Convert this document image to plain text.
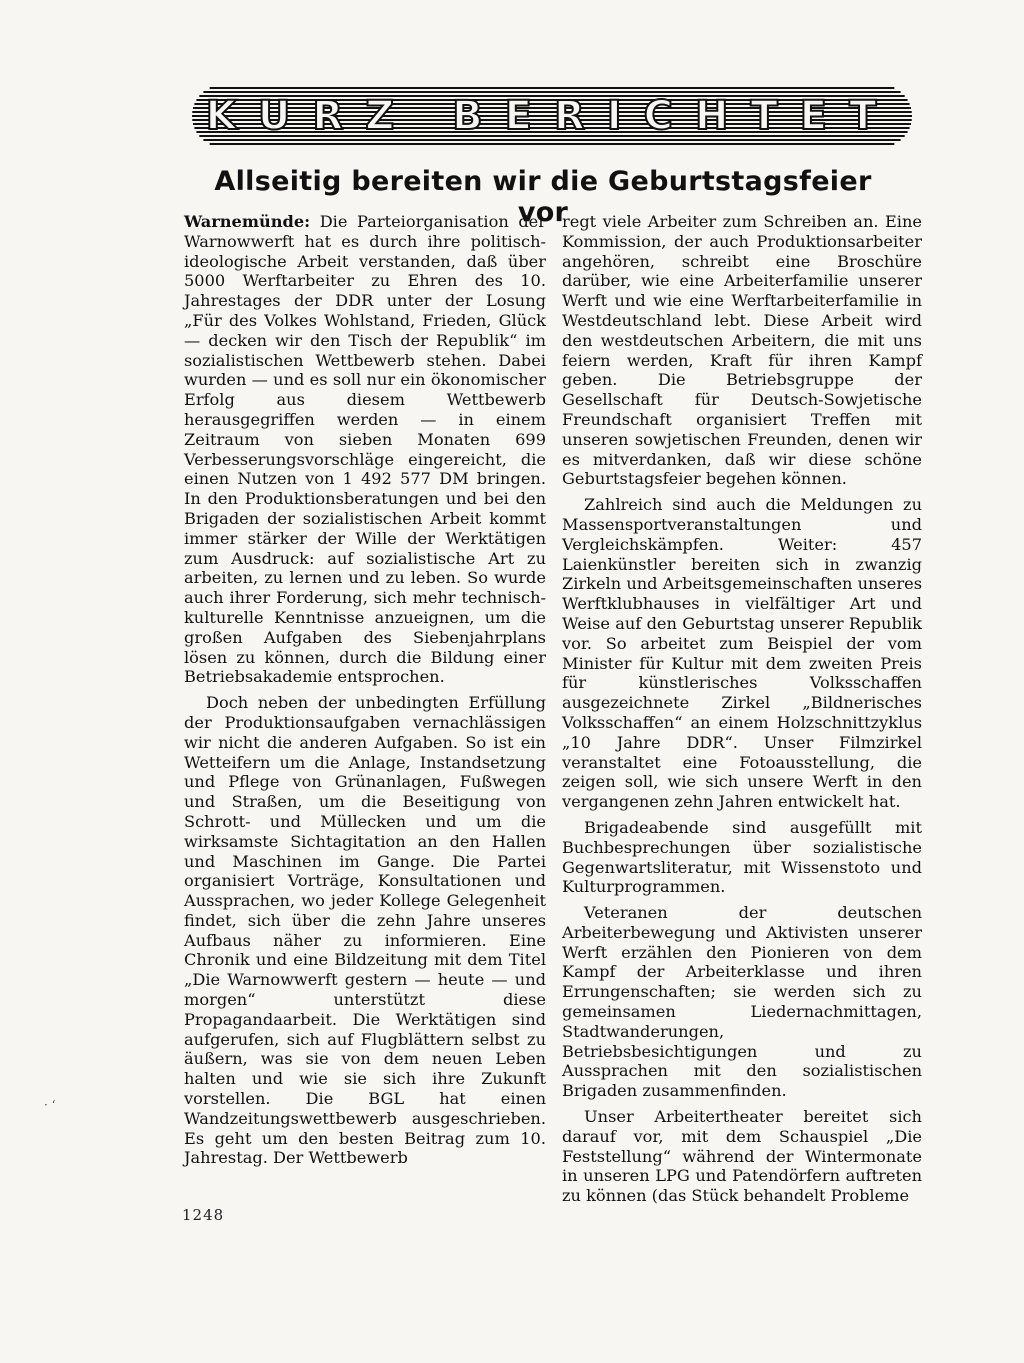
KURZ BERICHTET
Allseitig bereiten wir die Geburtstagsfeier vor

Warnemünde: Die Parteiorganisation der Warnowwerft hat es durch ihre politisch-ideologische Arbeit verstanden, daß über 5000 Werftarbeiter zu Ehren des 10. Jahrestages der DDR unter der Losung „Für des Volkes Wohlstand, Frieden, Glück — decken wir den Tisch der Republik“ im sozialistischen Wettbewerb stehen. Dabei wurden — und es soll nur ein ökonomischer Erfolg aus diesem Wettbewerb herausgegriffen werden — in einem Zeitraum von sieben Monaten 699 Verbesserungsvorschläge eingereicht, die einen Nutzen von 1 492 577 DM bringen. In den Produktionsberatungen und bei den Brigaden der sozialistischen Arbeit kommt immer stärker der Wille der Werktätigen zum Ausdruck: auf sozialistische Art zu arbeiten, zu lernen und zu leben. So wurde auch ihrer Forderung, sich mehr technisch-kulturelle Kenntnisse anzueignen, um die großen Aufgaben des Siebenjahrplans lösen zu können, durch die Bildung einer Betriebsakademie entsprochen.

Doch neben der unbedingten Erfüllung der Produktionsaufgaben vernachlässigen wir nicht die anderen Aufgaben. So ist ein Wetteifern um die Anlage, Instandsetzung und Pflege von Grünanlagen, Fußwegen und Straßen, um die Beseitigung von Schrott- und Müllecken und um die wirksamste Sichtagitation an den Hallen und Maschinen im Gange. Die Partei organisiert Vorträge, Konsultationen und Aussprachen, wo jeder Kollege Gelegenheit findet, sich über die zehn Jahre unseres Aufbaus näher zu informieren. Eine Chronik und eine Bildzeitung mit dem Titel „Die Warnowwerft gestern — heute — und morgen“ unterstützt diese Propagandaarbeit. Die Werktätigen sind aufgerufen, sich auf Flugblättern selbst zu äußern, was sie von dem neuen Leben halten und wie sie sich ihre Zukunft vorstellen. Die BGL hat einen Wandzeitungswettbewerb ausgeschrieben. Es geht um den besten Beitrag zum 10. Jahrestag. Der Wettbewerb

regt viele Arbeiter zum Schreiben an. Eine Kommission, der auch Produktionsarbeiter angehören, schreibt eine Broschüre darüber, wie eine Arbeiterfamilie unserer Werft und wie eine Werftarbeiterfamilie in Westdeutschland lebt. Diese Arbeit wird den westdeutschen Arbeitern, die mit uns feiern werden, Kraft für ihren Kampf geben. Die Betriebsgruppe der Gesellschaft für Deutsch-Sowjetische Freundschaft organisiert Treffen mit unseren sowjetischen Freunden, denen wir es mitverdanken, daß wir diese schöne Geburtstagsfeier begehen können.

Zahlreich sind auch die Meldungen zu Massensportveranstaltungen und Vergleichskämpfen. Weiter: 457 Laienkünstler bereiten sich in zwanzig Zirkeln und Arbeitsgemeinschaften unseres Werftklubhauses in vielfältiger Art und Weise auf den Geburtstag unserer Republik vor. So arbeitet zum Beispiel der vom Minister für Kultur mit dem zweiten Preis für künstlerisches Volksschaffen ausgezeichnete Zirkel „Bildnerisches Volksschaffen“ an einem Holzschnittzyklus „10 Jahre DDR“. Unser Filmzirkel veranstaltet eine Fotoausstellung, die zeigen soll, wie sich unsere Werft in den vergangenen zehn Jahren entwickelt hat.

Brigadeabende sind ausgefüllt mit Buchbesprechungen über sozialistische Gegenwartsliteratur, mit Wissenstoto und Kulturprogrammen.

Veteranen der deutschen Arbeiterbewegung und Aktivisten unserer Werft erzählen den Pionieren von dem Kampf der Arbeiterklasse und ihren Errungenschaften; sie werden sich zu gemeinsamen Liedernachmittagen, Stadtwanderungen, Betriebsbesichtigungen und zu Aussprachen mit den sozialistischen Brigaden zusammenfinden.

Unser Arbeitertheater bereitet sich darauf vor, mit dem Schauspiel „Die Feststellung“ während der Wintermonate in unseren LPG und Patendörfern auftreten zu können (das Stück behandelt Probleme

1248
· ʻ
